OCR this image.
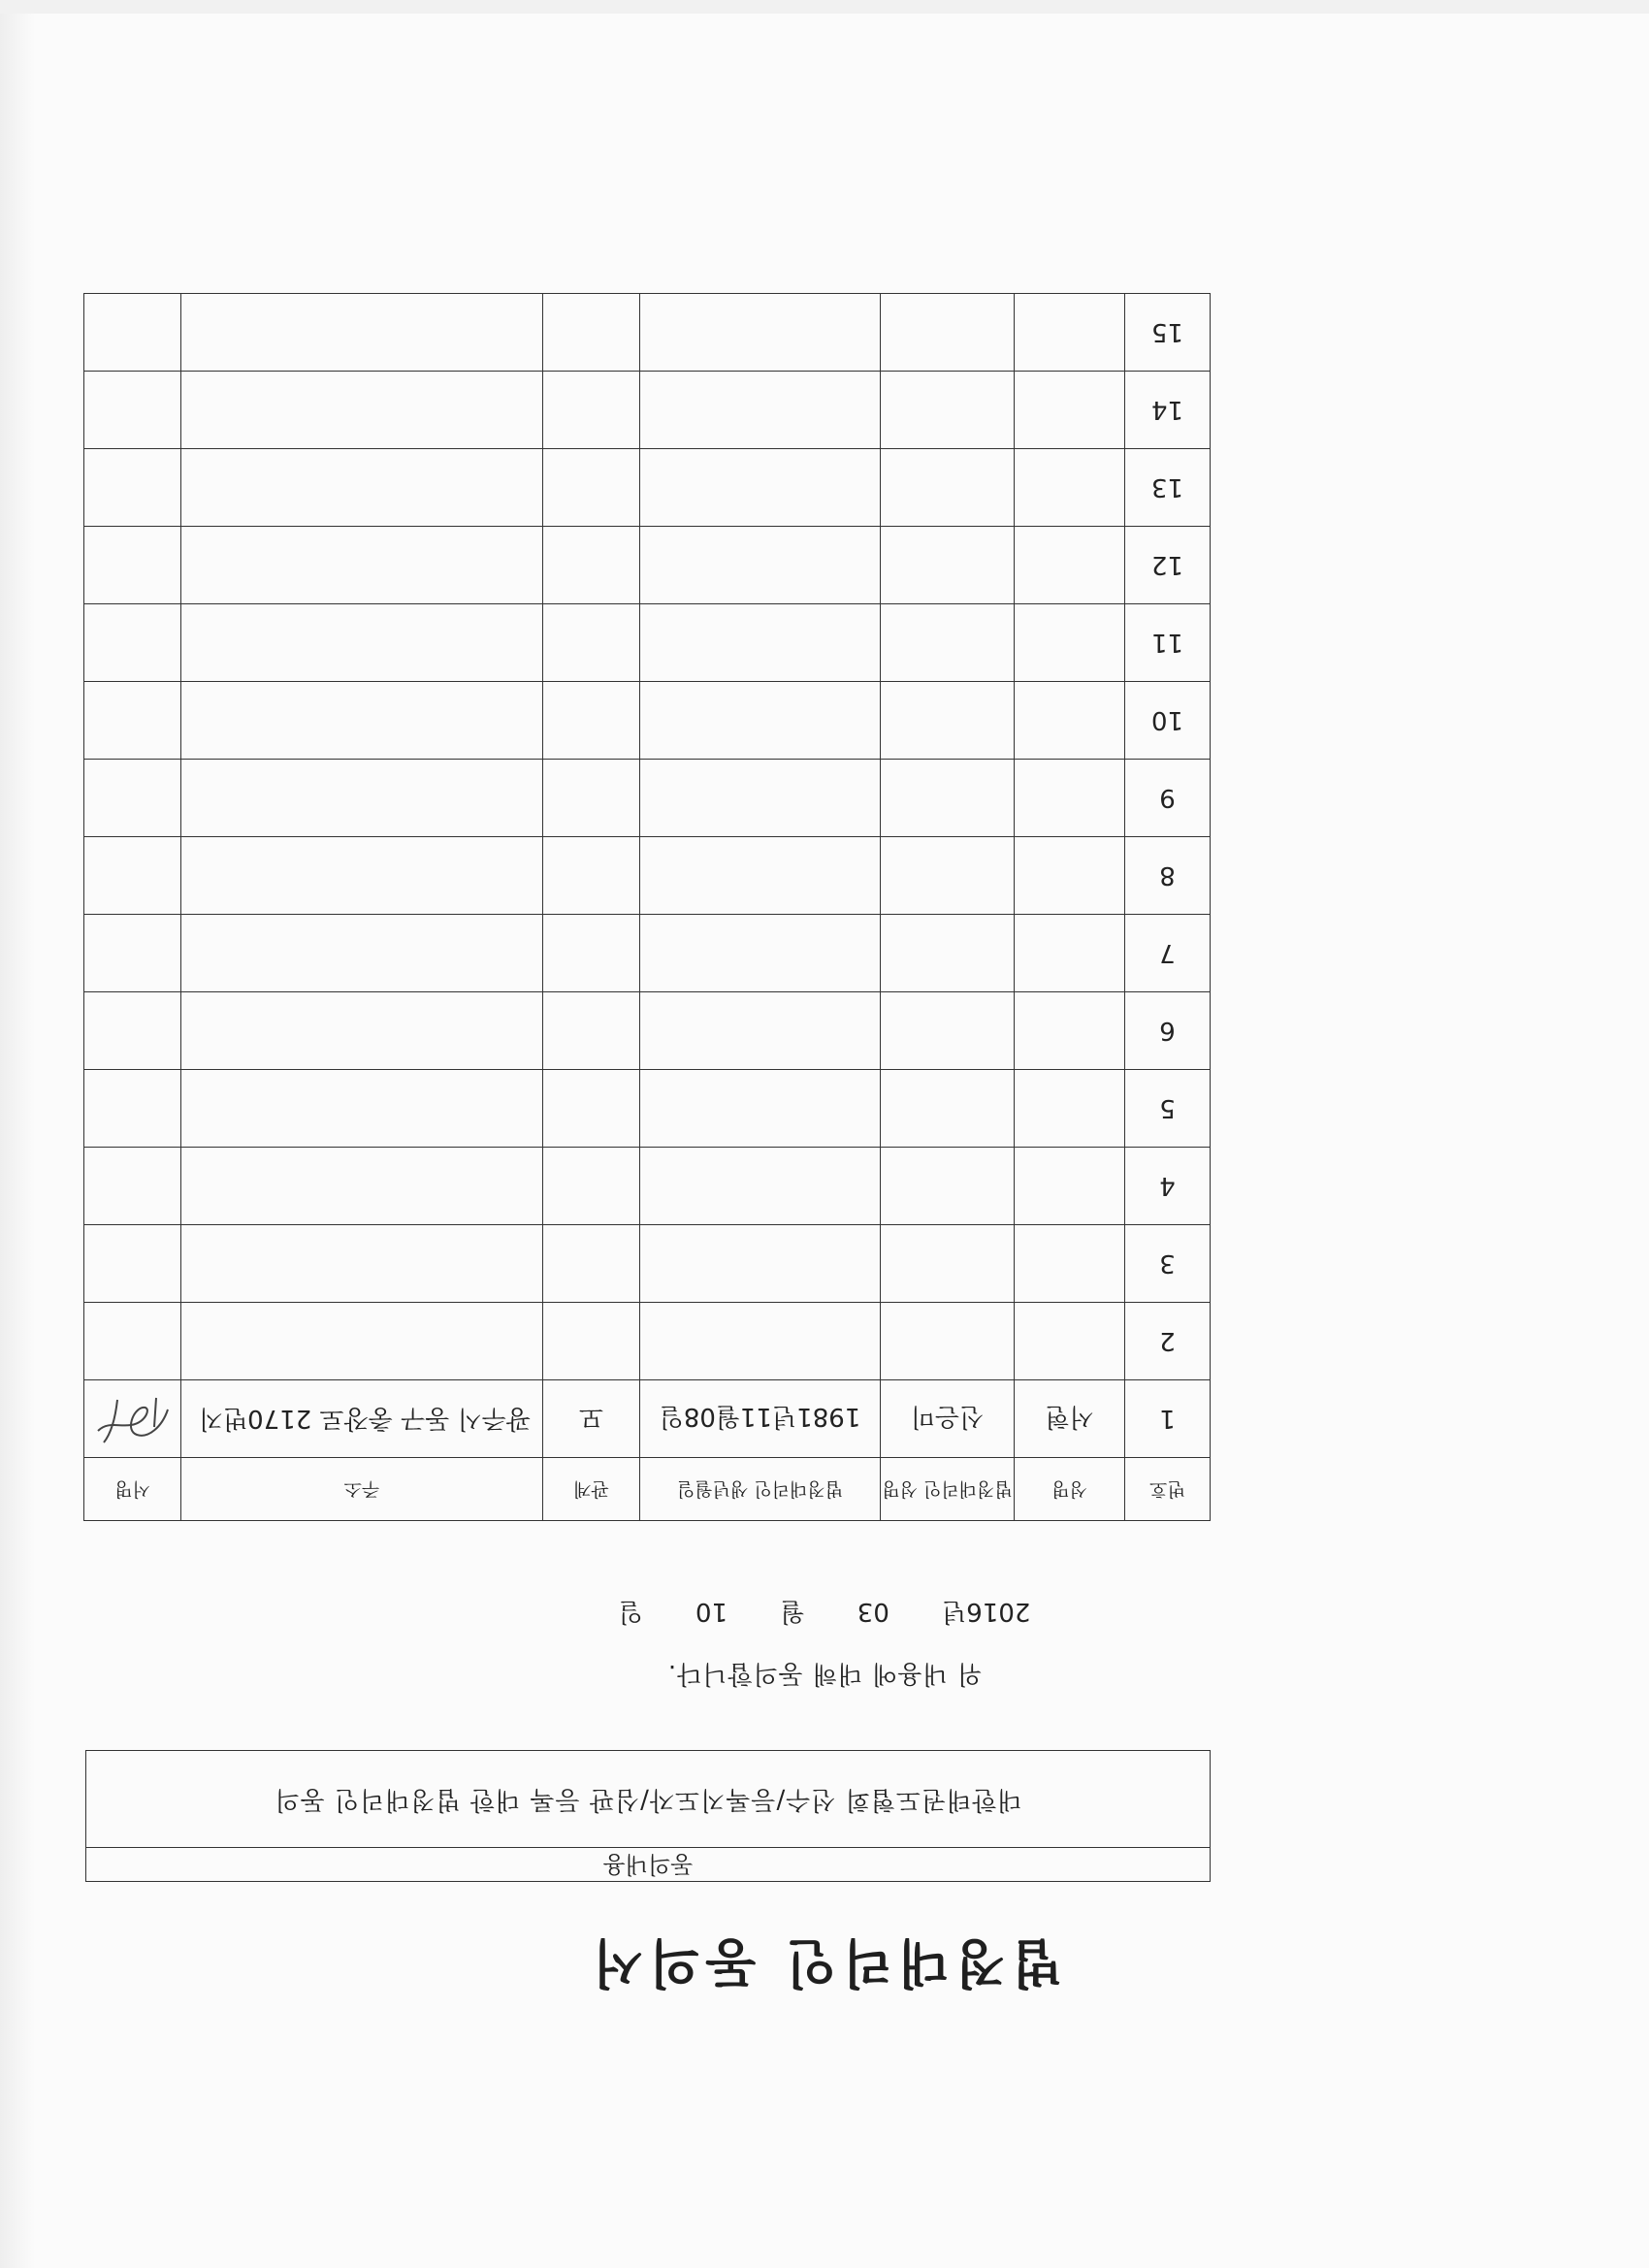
법정대리인 동의서
동의내용
대한태권도협회 선수/등록지도자/심판 등록 대한 법정대리인 동의
위 내용에 대해 동의합니다.
2016년 03 월 10 일
번호	성명	법정대리인 성명	법정대리인 생년월일	관계	주소	서명
1	서현	신은미	1981년11월08일	모	광주시 동구 충장로 2170번지	
2						
3						
4						
5						
6						
7						
8						
9						
10						
11						
12						
13						
14						
15						
